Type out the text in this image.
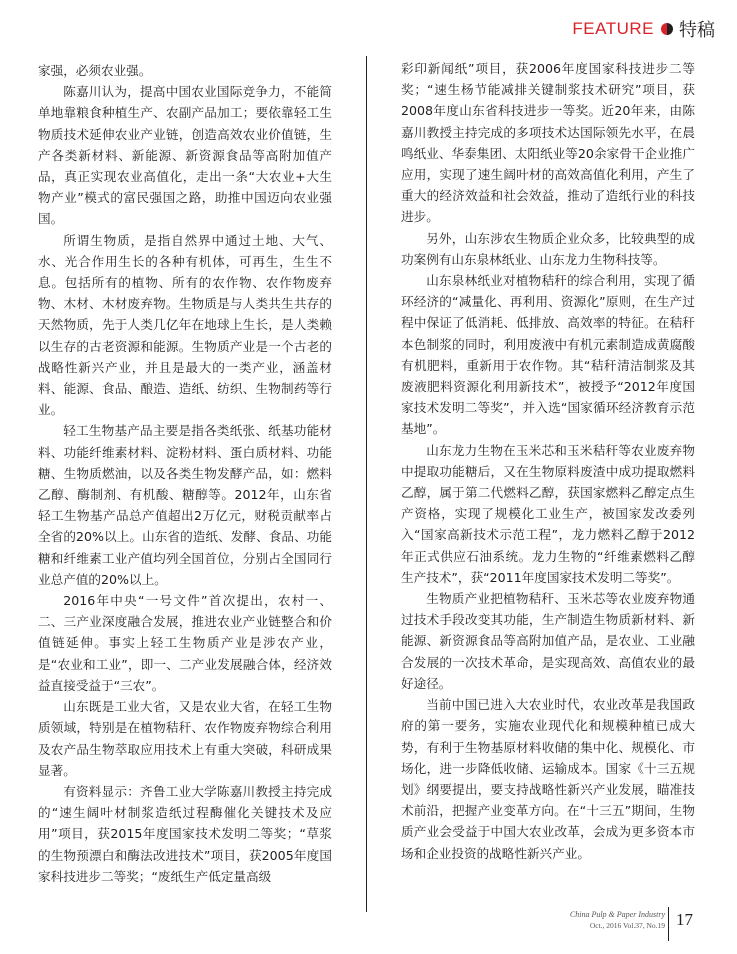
FEATURE 特稿

家强，必须农业强。

陈嘉川认为，提高中国农业国际竞争力，不能简单地靠粮食种植生产、农副产品加工；要依靠轻工生物质技术延伸农业产业链，创造高效农业价值链，生产各类新材料、新能源、新资源食品等高附加值产品，真正实现农业高值化，走出一条“大农业+大生物产业”模式的富民强国之路，助推中国迈向农业强国。

所谓生物质，是指自然界中通过土地、大气、水、光合作用生长的各种有机体，可再生，生生不息。包括所有的植物、所有的农作物、农作物废弃物、木材、木材废弃物。生物质是与人类共生共存的天然物质，先于人类几亿年在地球上生长，是人类赖以生存的古老资源和能源。生物质产业是一个古老的战略性新兴产业，并且是最大的一类产业，涵盖材料、能源、食品、酿造、造纸、纺织、生物制药等行业。

轻工生物基产品主要是指各类纸张、纸基功能材料、功能纤维素材料、淀粉材料、蛋白质材料、功能糖、生物质燃油，以及各类生物发酵产品，如：燃料乙醇、酶制剂、有机酸、糖醇等。2012年，山东省轻工生物基产品总产值超出2万亿元，财税贡献率占全省的20%以上。山东省的造纸、发酵、食品、功能糖和纤维素工业产值均列全国首位，分别占全国同行业总产值的20%以上。

2016年中央“一号文件”首次提出，农村一、二、三产业深度融合发展，推进农业产业链整合和价值链延伸。事实上轻工生物质产业是涉农产业，是“农业和工业”，即一、二产业发展融合体，经济效益直接受益于“三农”。

山东既是工业大省，又是农业大省，在轻工生物质领域，特别是在植物秸秆、农作物废弃物综合利用及农产品生物萃取应用技术上有重大突破，科研成果显著。

有资料显示：齐鲁工业大学陈嘉川教授主持完成的“速生阔叶材制浆造纸过程酶催化关键技术及应用”项目，获2015年度国家技术发明二等奖；“草浆的生物预漂白和酶法改进技术”项目，获2005年度国家科技进步二等奖；“废纸生产低定量高级

彩印新闻纸”项目，获2006年度国家科技进步二等奖；“速生杨节能减排关键制浆技术研究”项目，获2008年度山东省科技进步一等奖。近20年来，由陈嘉川教授主持完成的多项技术达国际领先水平，在晨鸣纸业、华泰集团、太阳纸业等20余家骨干企业推广应用，实现了速生阔叶材的高效高值化利用，产生了重大的经济效益和社会效益，推动了造纸行业的科技进步。

另外，山东涉农生物质企业众多，比较典型的成功案例有山东泉林纸业、山东龙力生物科技等。

山东泉林纸业对植物秸秆的综合利用，实现了循环经济的“减量化、再利用、资源化”原则，在生产过程中保证了低消耗、低排放、高效率的特征。在秸秆本色制浆的同时，利用废液中有机元素制造成黄腐酸有机肥料，重新用于农作物。其“秸秆清洁制浆及其废液肥料资源化利用新技术”，被授予“2012年度国家技术发明二等奖”，并入选“国家循环经济教育示范基地”。

山东龙力生物在玉米芯和玉米秸秆等农业废弃物中提取功能糖后，又在生物原料废渣中成功提取燃料乙醇，属于第二代燃料乙醇，获国家燃料乙醇定点生产资格，实现了规模化工业生产，被国家发改委列入“国家高新技术示范工程”，龙力燃料乙醇于2012年正式供应石油系统。龙力生物的“纤维素燃料乙醇生产技术”，获“2011年度国家技术发明二等奖”。

生物质产业把植物秸秆、玉米芯等农业废弃物通过技术手段改变其功能，生产制造生物质新材料、新能源、新资源食品等高附加值产品，是农业、工业融合发展的一次技术革命，是实现高效、高值农业的最好途径。

当前中国已进入大农业时代，农业改革是我国政府的第一要务，实施农业现代化和规模种植已成大势，有利于生物基原材料收储的集中化、规模化、市场化，进一步降低收储、运输成本。国家《十三五规划》纲要提出，要支持战略性新兴产业发展，瞄准技术前沿，把握产业变革方向。在“十三五”期间，生物质产业会受益于中国大农业改革，会成为更多资本市场和企业投资的战略性新兴产业。

China Pulp & Paper Industry
Oct., 2016 Vol.37, No.19 17
